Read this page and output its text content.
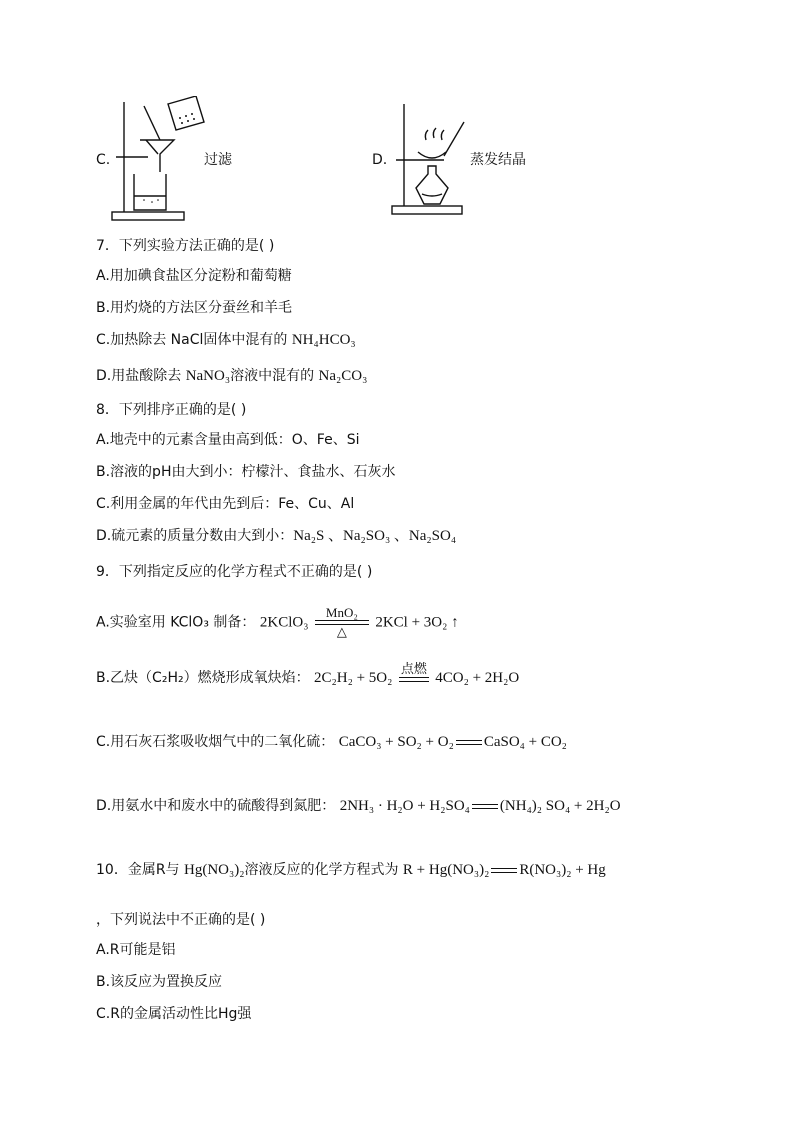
C.	过滤	D.	蒸发结晶
7．下列实验方法正确的是( )
A.用加碘食盐区分淀粉和葡萄糖
B.用灼烧的方法区分蚕丝和羊毛
C.加热除去 NaCl固体中混有的 NH₄HCO₃
D.用盐酸除去 NaNO₃溶液中混有的 Na₂CO₃
8．下列排序正确的是( )
A.地壳中的元素含量由高到低：O、Fe、Si
B.溶液的pH由大到小：柠檬汁、食盐水、石灰水
C.利用金属的年代由先到后：Fe、Cu、Al
D.硫元素的质量分数由大到小：Na₂S 、Na₂SO₃ 、Na₂SO₄
9．下列指定反应的化学方程式不正确的是( )
A.实验室用 KClO₃ 制备： 2KClO₃
MnO₂
△
2KCl + 3O₂ ↑
B.乙炔（C₂H₂）燃烧形成氧炔焰： 2C₂H₂ + 5O₂
点燃
4CO₂ + 2H₂O
C.用石灰石浆吸收烟气中的二氧化硫： CaCO₃ + SO₂ + O₂ CaSO₄ + CO₂
D.用氨水中和废水中的硫酸得到氮肥： 2NH₃ · H₂O + H₂SO₄ (NH₄)₂ SO₄ + 2H₂O
10．金属R与 Hg(NO₃)₂溶液反应的化学方程式为 R + Hg(NO₃)₂ R(NO₃)₂ + Hg
，下列说法中不正确的是( )
A.R可能是铝
B.该反应为置换反应
C.R的金属活动性比Hg强
